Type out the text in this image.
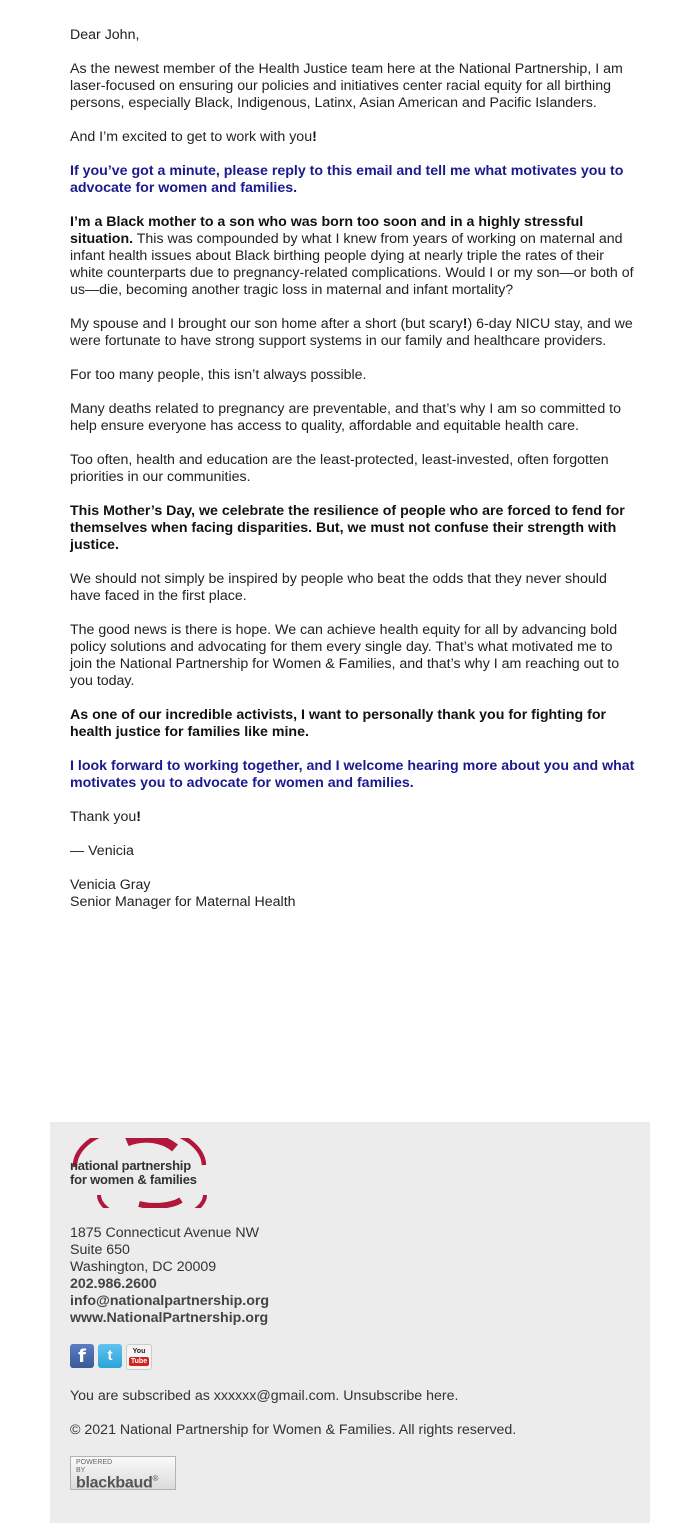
Dear John,

As the newest member of the Health Justice team here at the National Partnership, I am laser-focused on ensuring our policies and initiatives center racial equity for all birthing persons, especially Black, Indigenous, Latinx, Asian American and Pacific Islanders.

And I’m excited to get to work with you!

If you’ve got a minute, please reply to this email and tell me what motivates you to advocate for women and families.

I’m a Black mother to a son who was born too soon and in a highly stressful situation. This was compounded by what I knew from years of working on maternal and infant health issues about Black birthing people dying at nearly triple the rates of their white counterparts due to pregnancy-related complications. Would I or my son—or both of us—die, becoming another tragic loss in maternal and infant mortality?

My spouse and I brought our son home after a short (but scary!) 6-day NICU stay, and we were fortunate to have strong support systems in our family and healthcare providers.

For too many people, this isn’t always possible.

Many deaths related to pregnancy are preventable, and that’s why I am so committed to help ensure everyone has access to quality, affordable and equitable health care.

Too often, health and education are the least-protected, least-invested, often forgotten priorities in our communities.

This Mother’s Day, we celebrate the resilience of people who are forced to fend for themselves when facing disparities. But, we must not confuse their strength with justice.

We should not simply be inspired by people who beat the odds that they never should have faced in the first place.

The good news is there is hope. We can achieve health equity for all by advancing bold policy solutions and advocating for them every single day. That’s what motivated me to join the National Partnership for Women & Families, and that’s why I am reaching out to you today.

As one of our incredible activists, I want to personally thank you for fighting for health justice for families like mine.

I look forward to working together, and I welcome hearing more about you and what motivates you to advocate for women and families.

Thank you!

— Venicia

Venicia Gray

Senior Manager for Maternal Health

national partnership
for women & families
1875 Connecticut Avenue NW
Suite 650
Washington, DC 20009
202.986.2600
info@nationalpartnership.org
www.NationalPartnership.org
f	t	You
Tube
You are subscribed as xxxxxx@gmail.com. Unsubscribe here.
© 2021 National Partnership for Women & Families. All rights reserved.
POWERED BY
blackbaud®
